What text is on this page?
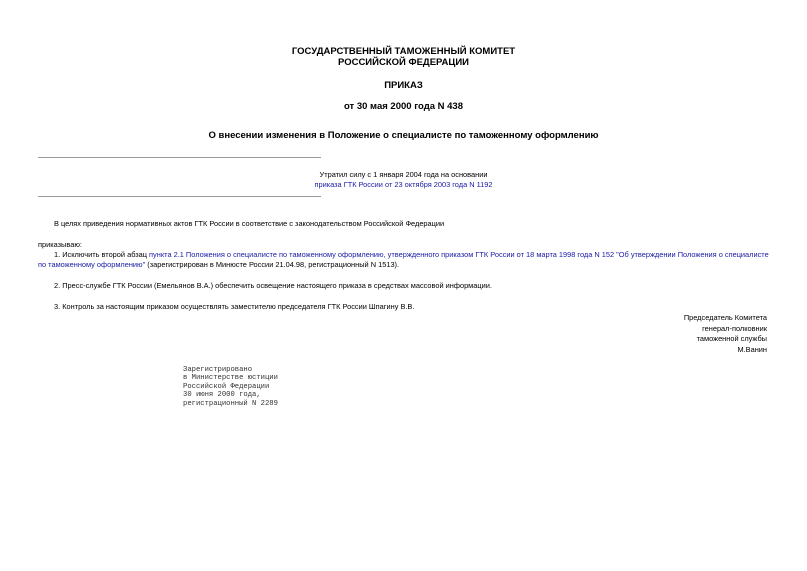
ГОСУДАРСТВЕННЫЙ ТАМОЖЕННЫЙ КОМИТЕТ
РОССИЙСКОЙ ФЕДЕРАЦИИ
ПРИКАЗ
от 30 мая 2000 года N 438
О внесении изменения в Положение о специалисте по таможенному оформлению
Утратил силу с 1 января 2004 года на основании
приказа ГТК России от 23 октября 2003 года N 1192
В целях приведения нормативных актов ГТК России в соответствие с законодательством Российской Федерации
приказываю:
1. Исключить второй абзац пункта 2.1 Положения о специалисте по таможенному оформлению, утвержденного приказом ГТК России от 18 марта 1998 года N 152 "Об утверждении Положения о специалисте по таможенному оформлению" (зарегистрирован в Минюсте России 21.04.98, регистрационный N 1513).
2. Пресс-службе ГТК России (Емельянов В.А.) обеспечить освещение настоящего приказа в средствах массовой информации.
3. Контроль за настоящим приказом осуществлять заместителю председателя ГТК России Шпагину В.В.
Председатель Комитета
генерал-полковник
таможенной службы
М.Ванин
Зарегистрировано
в Министерстве юстиции
Российской Федерации
30 июня 2000 года,
регистрационный N 2289
